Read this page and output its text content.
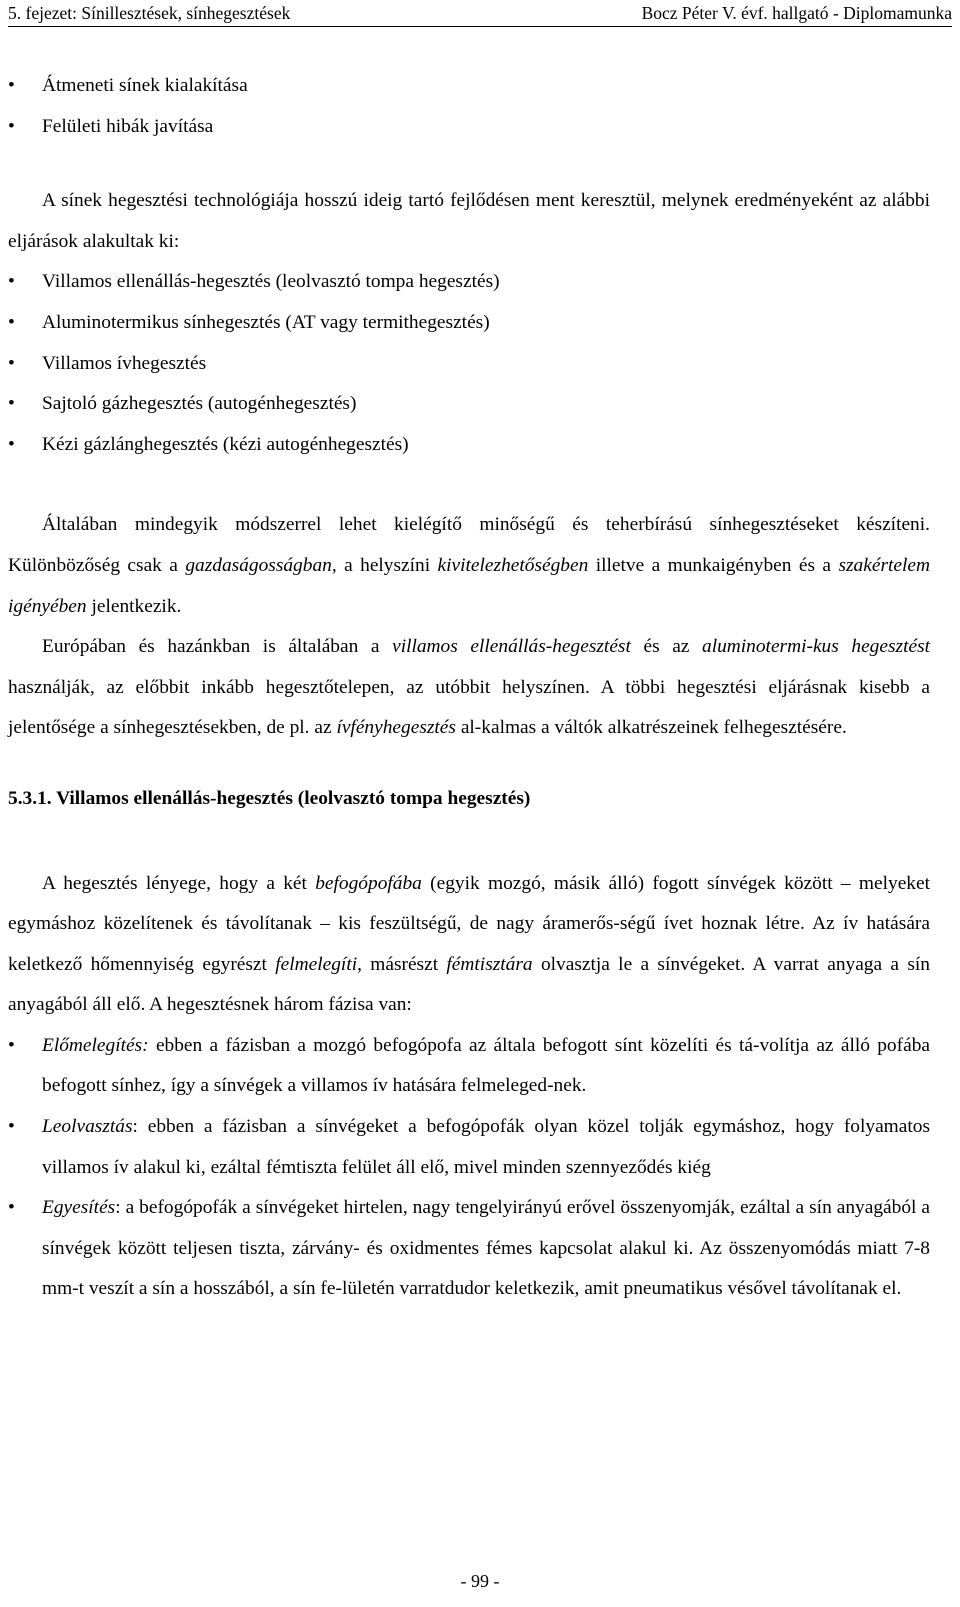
5. fejezet: Sínillesztések, sínhegesztések	Bocz Péter V. évf. hallgató - Diplomamunka
• Átmeneti sínek kialakítása
• Felületi hibák javítása

A sínek hegesztési technológiája hosszú ideig tartó fejlődésen ment keresztül, melynek eredményeként az alábbi eljárások alakultak ki:

• Villamos ellenállás-hegesztés (leolvasztó tompa hegesztés)
• Aluminotermikus sínhegesztés (AT vagy termithegesztés)
• Villamos ívhegesztés
• Sajtoló gázhegesztés (autogénhegesztés)
• Kézi gázlánghegesztés (kézi autogénhegesztés)

Általában mindegyik módszerrel lehet kielégítő minőségű és teherbírású sínhegesztéseket készíteni. Különbözőség csak a gazdaságosságban, a helyszíni kivitelezhetőségben illetve a munkaigényben és a szakértelem igényében jelentkezik.

Európában és hazánkban is általában a villamos ellenállás-hegesztést és az aluminotermi-kus hegesztést használják, az előbbit inkább hegesztőtelepen, az utóbbit helyszínen. A többi hegesztési eljárásnak kisebb a jelentősége a sínhegesztésekben, de pl. az ívfényhegesztés al-kalmas a váltók alkatrészeinek felhegesztésére.

5.3.1. Villamos ellenállás-hegesztés (leolvasztó tompa hegesztés)

A hegesztés lényege, hogy a két befogópofába (egyik mozgó, másik álló) fogott sínvégek között – melyeket egymáshoz közelítenek és távolítanak – kis feszültségű, de nagy áramerős-ségű ívet hoznak létre. Az ív hatására keletkező hőmennyiség egyrészt felmelegíti, másrészt fémtisztára olvasztja le a sínvégeket. A varrat anyaga a sín anyagából áll elő. A hegesztésnek három fázisa van:

• Előmelegítés: ebben a fázisban a mozgó befogópofa az általa befogott sínt közelíti és tá-volítja az álló pofába befogott sínhez, így a sínvégek a villamos ív hatására felmeleged-nek.
• Leolvasztás: ebben a fázisban a sínvégeket a befogópofák olyan közel tolják egymáshoz, hogy folyamatos villamos ív alakul ki, ezáltal fémtiszta felület áll elő, mivel minden szennyeződés kiég
• Egyesítés: a befogópofák a sínvégeket hirtelen, nagy tengelyirányú erővel összenyomják, ezáltal a sín anyagából a sínvégek között teljesen tiszta, zárvány- és oxidmentes fémes kapcsolat alakul ki. Az összenyomódás miatt 7-8 mm-t veszít a sín a hosszából, a sín fe-lületén varratdudor keletkezik, amit pneumatikus vésővel távolítanak el.
- 99 -
